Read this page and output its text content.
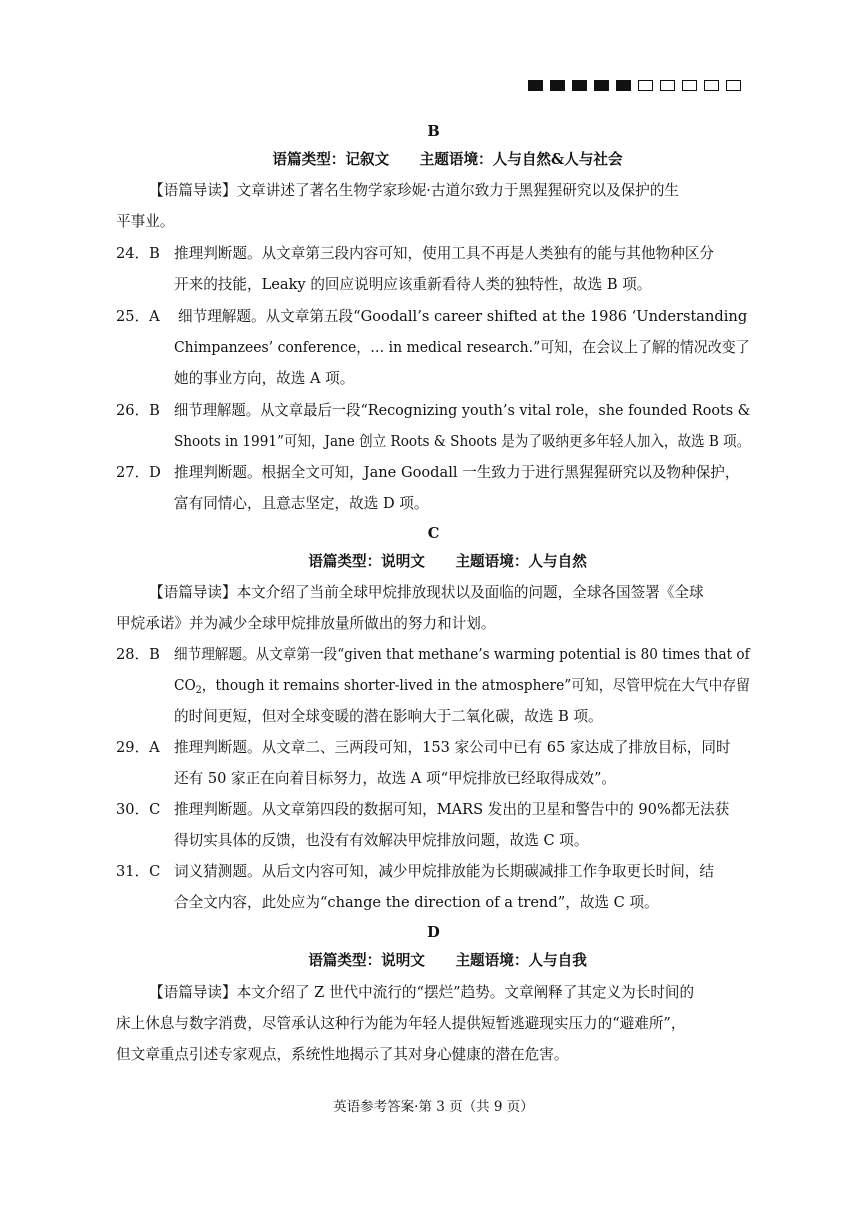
B
语篇类型：记叙文      主题语境：人与自然&人与社会
【语篇导读】文章讲述了著名生物学家珍妮·古道尔致力于黑猩猩研究以及保护的生
平事业。
24．B 推理判断题。从文章第三段内容可知，使用工具不再是人类独有的能与其他物种区分
开来的技能，Leaky 的回应说明应该重新看待人类的独特性，故选 B 项。
25．A 细节理解题。从文章第五段“Goodall’s career shifted at the 1986 ‘Understanding
Chimpanzees’ conference，… in medical research.”可知，在会议上了解的情况改变了
她的事业方向，故选 A 项。
26．B 细节理解题。从文章最后一段“Recognizing youth’s vital role，she founded Roots &
Shoots in 1991”可知，Jane 创立 Roots & Shoots 是为了吸纳更多年轻人加入，故选 B 项。
27．D 推理判断题。根据全文可知，Jane Goodall 一生致力于进行黑猩猩研究以及物种保护，
富有同情心，且意志坚定，故选 D 项。
C
语篇类型：说明文      主题语境：人与自然
【语篇导读】本文介绍了当前全球甲烷排放现状以及面临的问题，全球各国签署《全球
甲烷承诺》并为减少全球甲烷排放量所做出的努力和计划。
28．B 细节理解题。从文章第一段“given that methane’s warming potential is 80 times that of
$CO_2$，though it remains shorter-lived in the atmosphere”可知，尽管甲烷在大气中存留
的时间更短，但对全球变暖的潜在影响大于二氧化碳，故选 B 项。
29．A 推理判断题。从文章二、三两段可知，153 家公司中已有 65 家达成了排放目标，同时
还有 50 家正在向着目标努力，故选 A 项“甲烷排放已经取得成效”。
30．C 推理判断题。从文章第四段的数据可知，MARS 发出的卫星和警告中的 90%都无法获
得切实具体的反馈，也没有有效解决甲烷排放问题，故选 C 项。
31．C 词义猜测题。从后文内容可知，减少甲烷排放能为长期碳减排工作争取更长时间，结
合全文内容，此处应为“change the direction of a trend”，故选 C 项。
D
语篇类型：说明文      主题语境：人与自我
【语篇导读】本文介绍了 Z 世代中流行的“摆烂”趋势。文章阐释了其定义为长时间的
床上休息与数字消费，尽管承认这种行为能为年轻人提供短暂逃避现实压力的“避难所”，
但文章重点引述专家观点，系统性地揭示了其对身心健康的潜在危害。
英语参考答案·第 3 页（共 9 页）
